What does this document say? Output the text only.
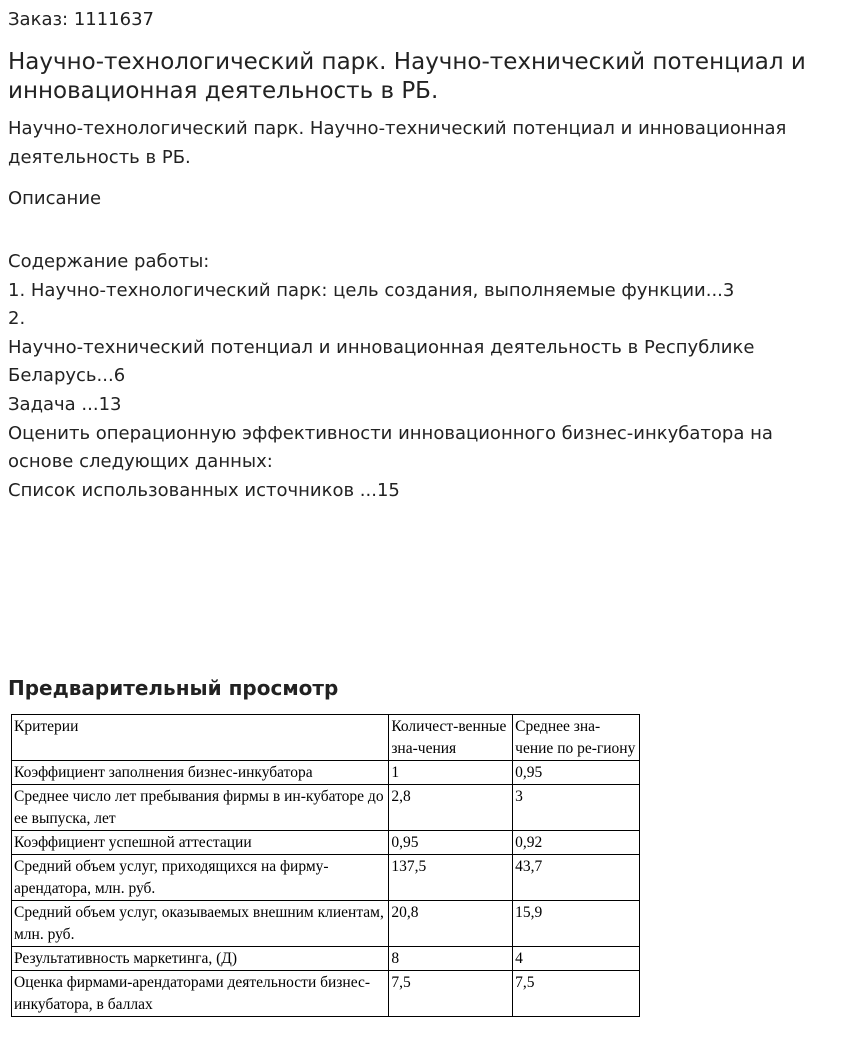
Заказ: 1111637
Научно-технологический парк. Научно-технический потенциал и инновационная деятельность в РБ.
Научно-технологический парк. Научно-технический потенциал и инновационная деятельность в РБ.
Описание
Содержание работы:
1. Научно-технологический парк: цель создания, выполняемые функции...3
2.
Научно-технический потенциал и инновационная деятельность в Республике Беларусь...6
Задача ...13
Оценить операционную эффективности инновационного бизнес-инкубатора на основе следующих данных:
Список использованных источников ...15
Предварительный просмотр
Критерии	Количест-венные зна-чения	Среднее зна-чение по ре-гиону
Коэффициент заполнения бизнес-инкубатора	1	0,95
Среднее число лет пребывания фирмы в ин-кубаторе до ее выпуска, лет	2,8	3
Коэффициент успешной аттестации	0,95	0,92
Средний объем услуг, приходящихся на фирму-арендатора, млн. руб.	137,5	43,7
Средний объем услуг, оказываемых внешним клиентам, млн. руб.	20,8	15,9
Результативность маркетинга, (Д)	8	4
Оценка фирмами-арендаторами деятельности бизнес-инкубатора, в баллах	7,5	7,5
